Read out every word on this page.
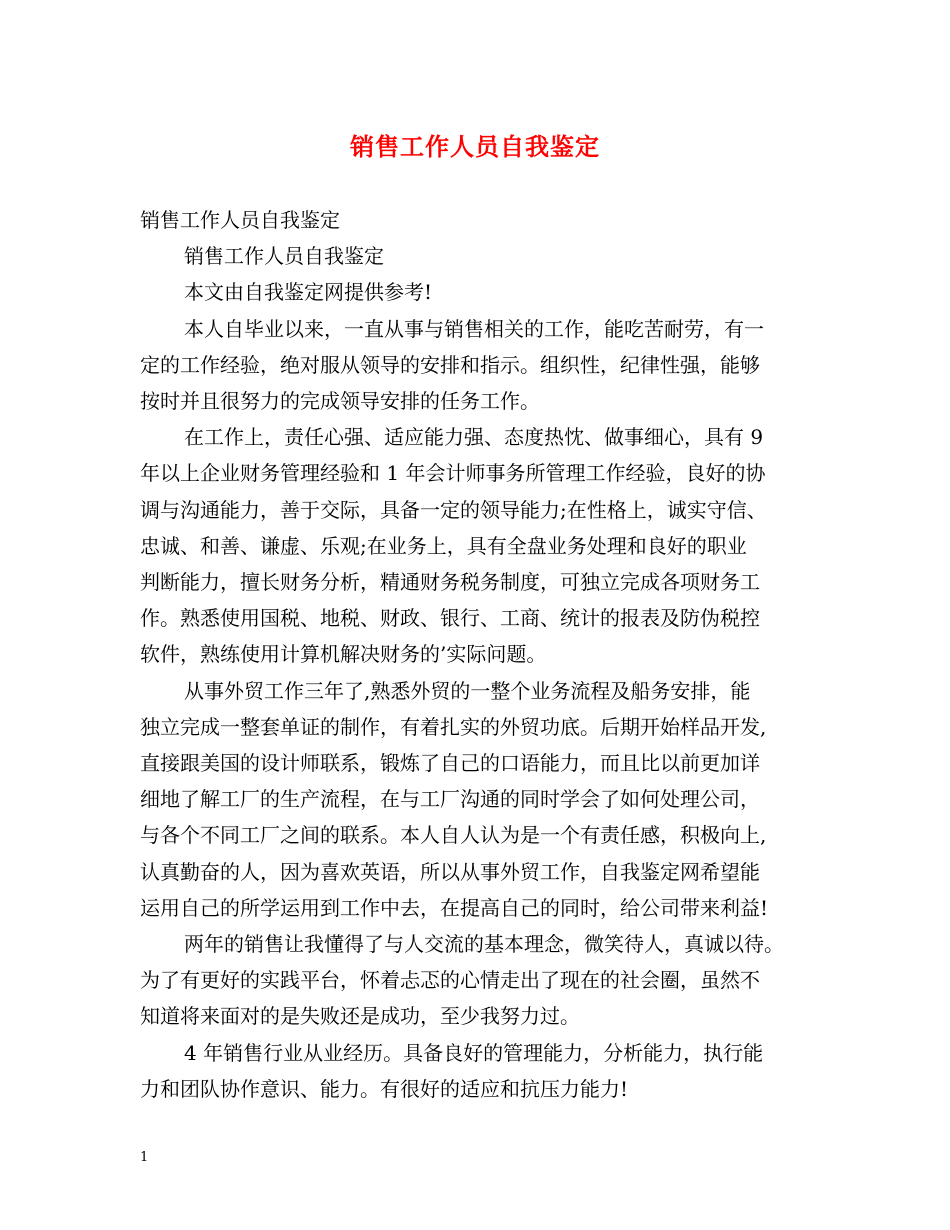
销售工作人员自我鉴定
销售工作人员自我鉴定
销售工作人员自我鉴定
本文由自我鉴定网提供参考!
本人自毕业以来，一直从事与销售相关的工作，能吃苦耐劳，有一
定的工作经验，绝对服从领导的安排和指示。组织性，纪律性强，能够
按时并且很努力的完成领导安排的任务工作。
在工作上，责任心强、适应能力强、态度热忱、做事细心，具有 9
年以上企业财务管理经验和 1 年会计师事务所管理工作经验，良好的协
调与沟通能力，善于交际，具备一定的领导能力;在性格上，诚实守信、
忠诚、和善、谦虚、乐观;在业务上，具有全盘业务处理和良好的职业
判断能力，擅长财务分析，精通财务税务制度，可独立完成各项财务工
作。熟悉使用国税、地税、财政、银行、工商、统计的报表及防伪税控
软件，熟练使用计算机解决财务的’实际问题。
从事外贸工作三年了,熟悉外贸的一整个业务流程及船务安排，能
独立完成一整套单证的制作，有着扎实的外贸功底。后期开始样品开发,
直接跟美国的设计师联系，锻炼了自己的口语能力，而且比以前更加详
细地了解工厂的生产流程，在与工厂沟通的同时学会了如何处理公司，
与各个不同工厂之间的联系。本人自人认为是一个有责任感，积极向上,
认真勤奋的人，因为喜欢英语，所以从事外贸工作，自我鉴定网希望能
运用自己的所学运用到工作中去，在提高自己的同时，给公司带来利益!
两年的销售让我懂得了与人交流的基本理念，微笑待人，真诚以待。
为了有更好的实践平台，怀着忐忑的心情走出了现在的社会圈，虽然不
知道将来面对的是失败还是成功，至少我努力过。
4 年销售行业从业经历。具备良好的管理能力，分析能力，执行能
力和团队协作意识、能力。有很好的适应和抗压力能力!
1
